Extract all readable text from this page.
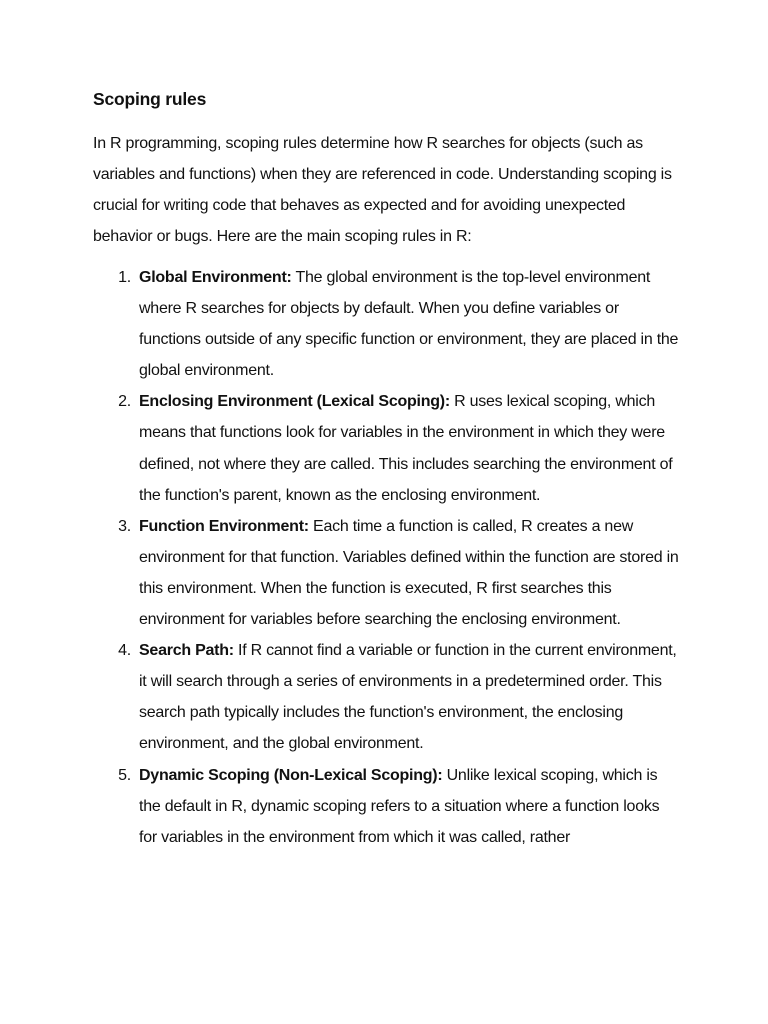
Scoping rules

In R programming, scoping rules determine how R searches for objects (such as variables and functions) when they are referenced in code. Understanding scoping is crucial for writing code that behaves as expected and for avoiding unexpected behavior or bugs. Here are the main scoping rules in R:

1. Global Environment: The global environment is the top-level environment where R searches for objects by default. When you define variables or functions outside of any specific function or environment, they are placed in the global environment.
2. Enclosing Environment (Lexical Scoping): R uses lexical scoping, which means that functions look for variables in the environment in which they were defined, not where they are called. This includes searching the environment of the function's parent, known as the enclosing environment.
3. Function Environment: Each time a function is called, R creates a new environment for that function. Variables defined within the function are stored in this environment. When the function is executed, R first searches this environment for variables before searching the enclosing environment.
4. Search Path: If R cannot find a variable or function in the current environment, it will search through a series of environments in a predetermined order. This search path typically includes the function's environment, the enclosing environment, and the global environment.
5. Dynamic Scoping (Non-Lexical Scoping): Unlike lexical scoping, which is the default in R, dynamic scoping refers to a situation where a function looks for variables in the environment from which it was called, rather
